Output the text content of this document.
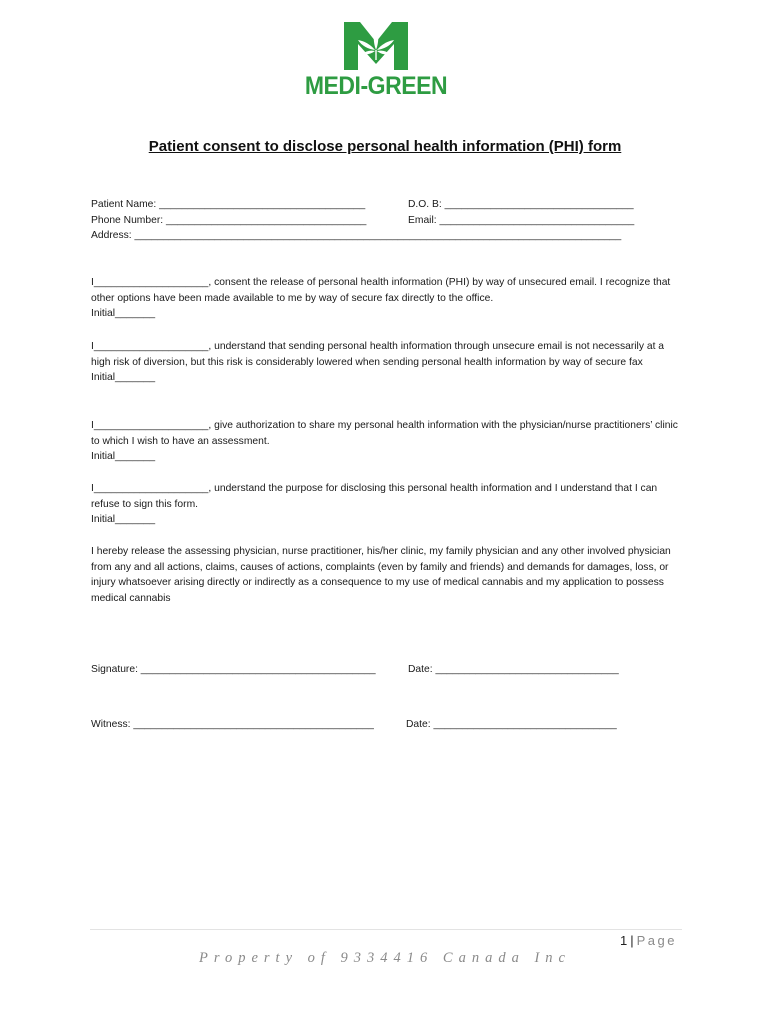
MEDI-GREEN
Patient consent to disclose personal health information (PHI) form
Patient Name: ____________________________________	D.O. B: _________________________________
Phone Number: ___________________________________	Email: __________________________________
Address: _____________________________________________________________________________________
I____________________, consent the release of personal health information (PHI) by way of unsecured email. I recognize that other options have been made available to me by way of secure fax directly to the office.
Initial_______
I____________________, understand that sending personal health information through unsecure email is not necessarily at a high risk of diversion, but this risk is considerably lowered when sending personal health information by way of secure fax
Initial_______
I____________________, give authorization to share my personal health information with the physician/nurse practitioners’ clinic to which I wish to have an assessment.
Initial_______
I____________________, understand the purpose for disclosing this personal health information and I understand that I can refuse to sign this form.
Initial_______
I hereby release the assessing physician, nurse practitioner, his/her clinic, my family physician and any other involved physician from any and all actions, claims, causes of actions, complaints (even by family and friends) and demands for damages, loss, or injury whatsoever arising directly or indirectly as a consequence to my use of medical cannabis and my application to possess medical cannabis
Signature: _________________________________________	Date: ________________________________
Witness: __________________________________________	Date: ________________________________
1 | Page
Property of 9334416 Canada Inc
